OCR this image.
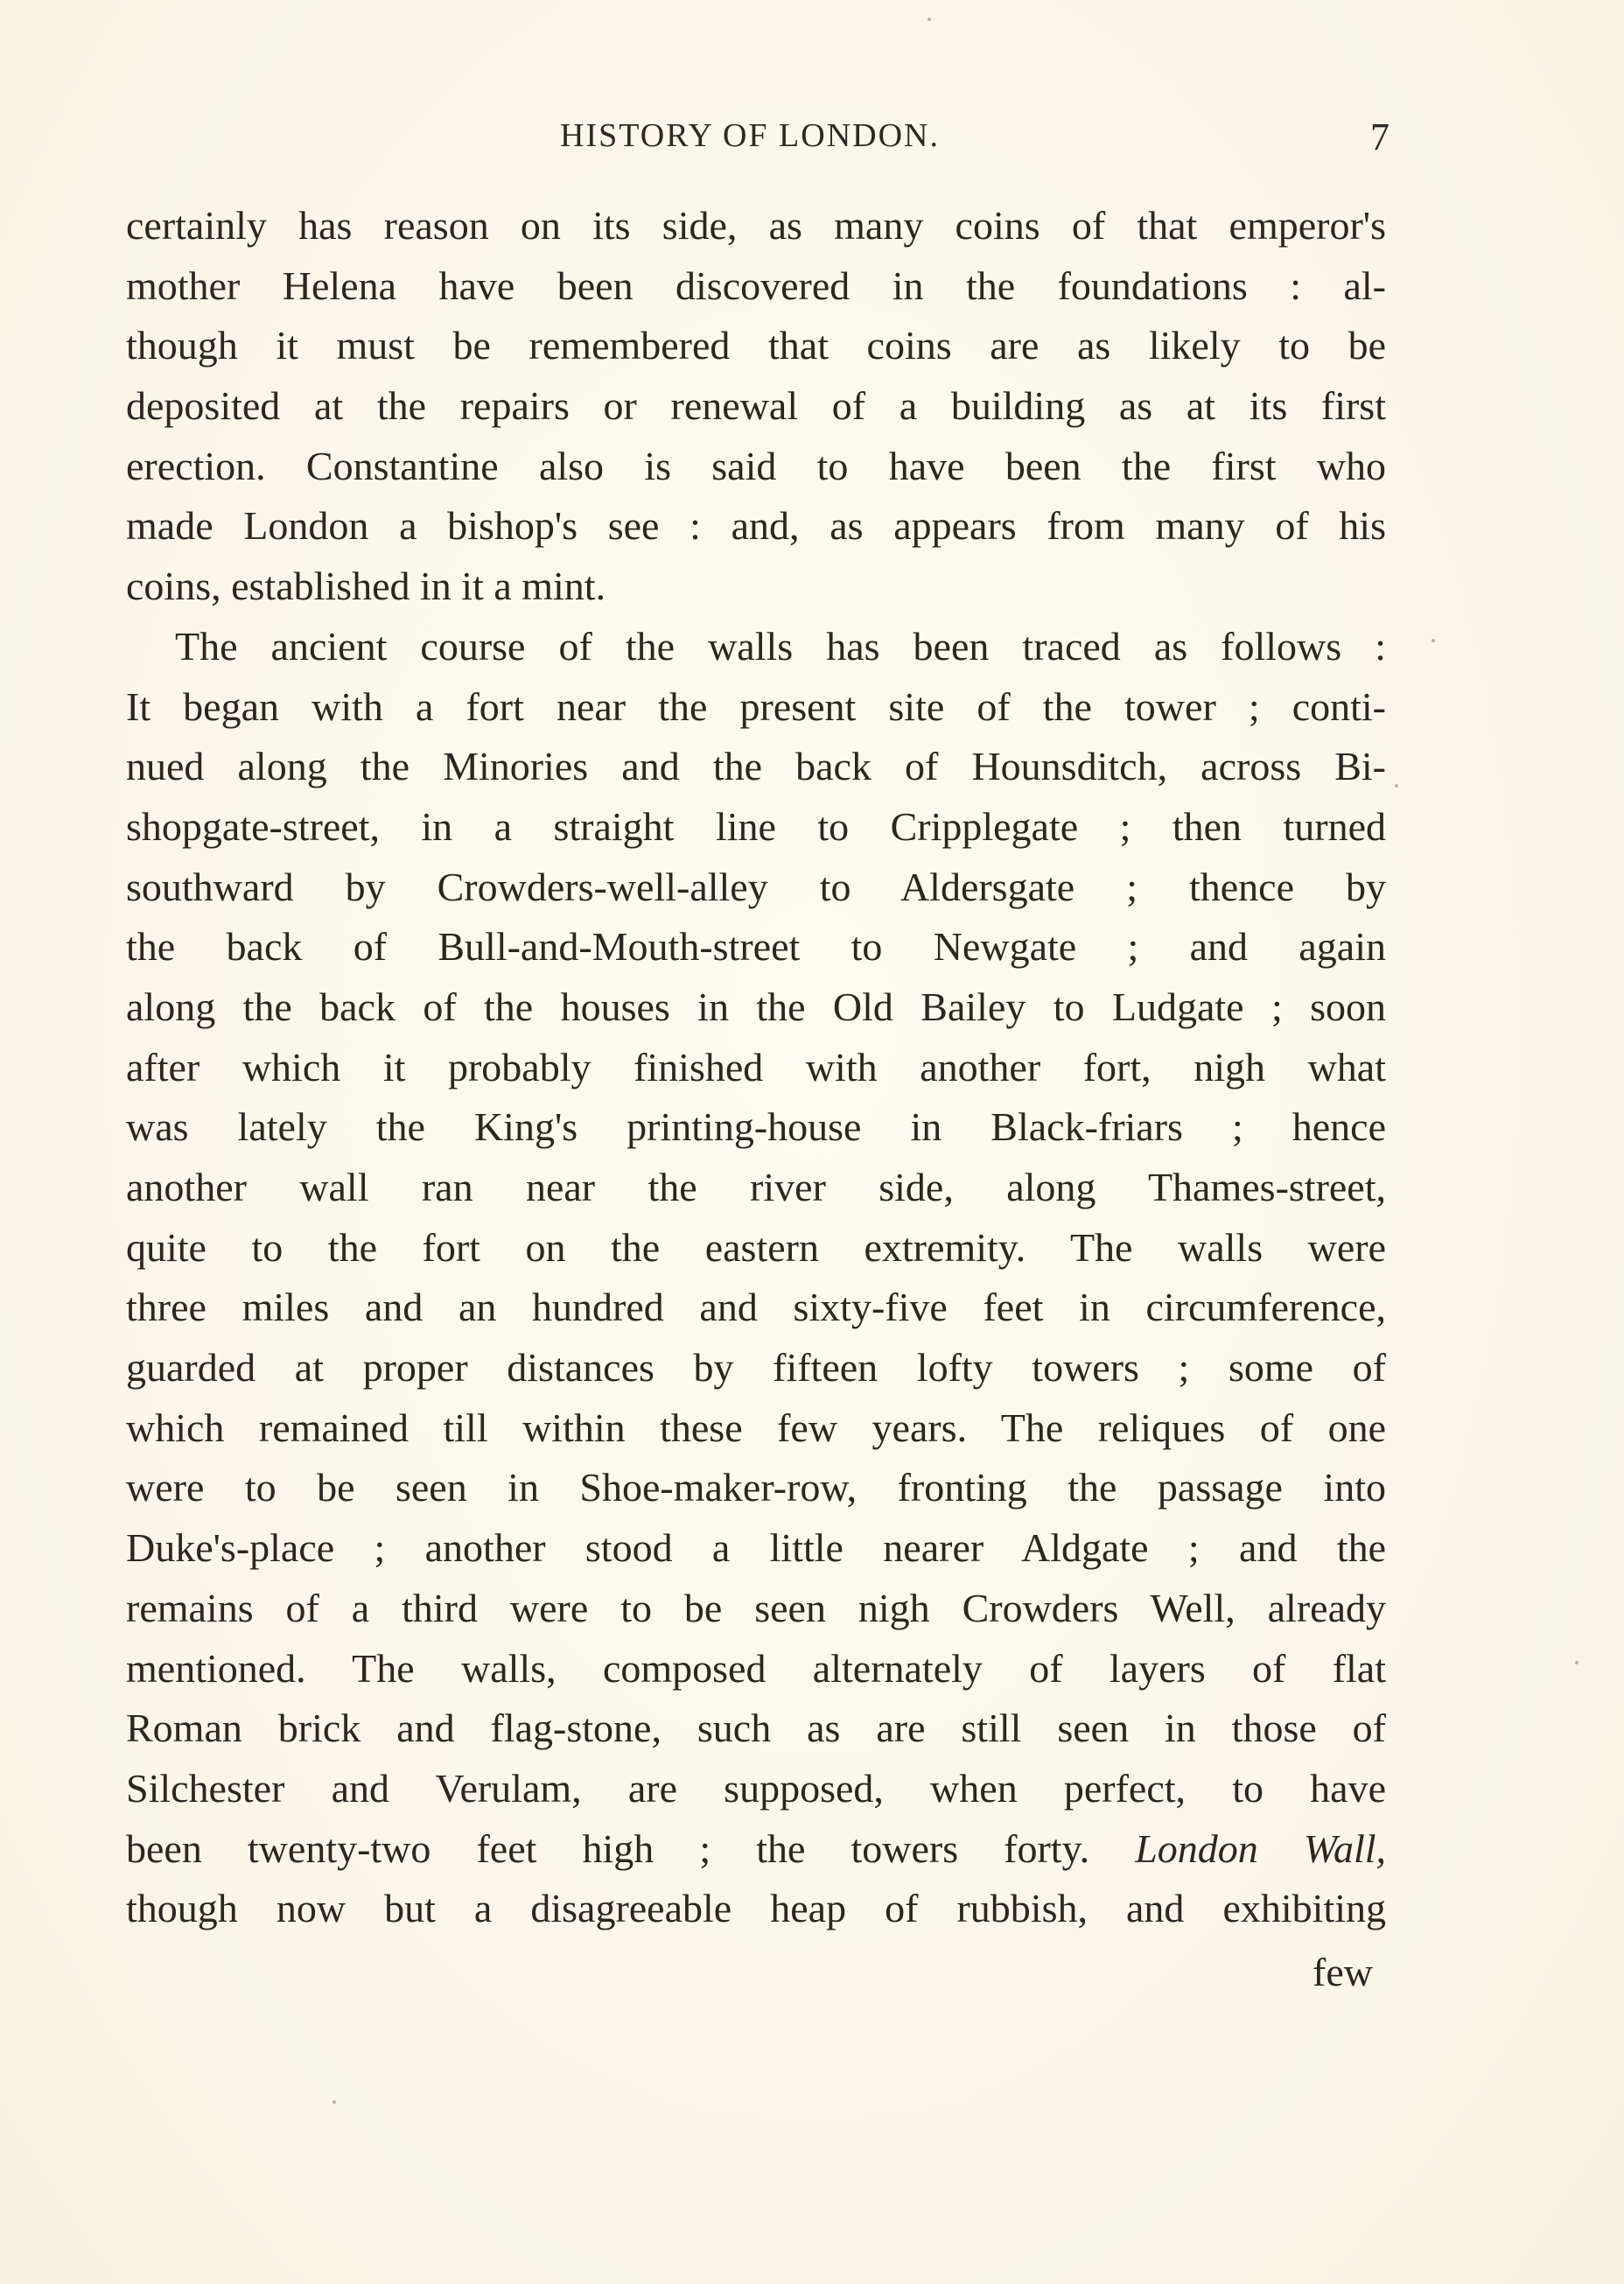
HISTORY OF LONDON.	7
certainly has reason on its side, as many coins of that emperor's
mother Helena have been discovered in the foundations : al-
though it must be remembered that coins are as likely to be
deposited at the repairs or renewal of a building as at its first
erection. Constantine also is said to have been the first who
made London a bishop's see : and, as appears from many of his
coins, established in it a mint.
The ancient course of the walls has been traced as follows :
It began with a fort near the present site of the tower ; conti-
nued along the Minories and the back of Hounsditch, across Bi-
shopgate-street, in a straight line to Cripplegate ; then turned
southward by Crowders-well-alley to Aldersgate ; thence by
the back of Bull-and-Mouth-street to Newgate ; and again
along the back of the houses in the Old Bailey to Ludgate ; soon
after which it probably finished with another fort, nigh what
was lately the King's printing-house in Black-friars ; hence
another wall ran near the river side, along Thames-street,
quite to the fort on the eastern extremity. The walls were
three miles and an hundred and sixty-five feet in circumference,
guarded at proper distances by fifteen lofty towers ; some of
which remained till within these few years. The reliques of one
were to be seen in Shoe-maker-row, fronting the passage into
Duke's-place ; another stood a little nearer Aldgate ; and the
remains of a third were to be seen nigh Crowders Well, already
mentioned. The walls, composed alternately of layers of flat
Roman brick and flag-stone, such as are still seen in those of
Silchester and Verulam, are supposed, when perfect, to have
been twenty-two feet high ; the towers forty. London Wall,
though now but a disagreeable heap of rubbish, and exhibiting
few
